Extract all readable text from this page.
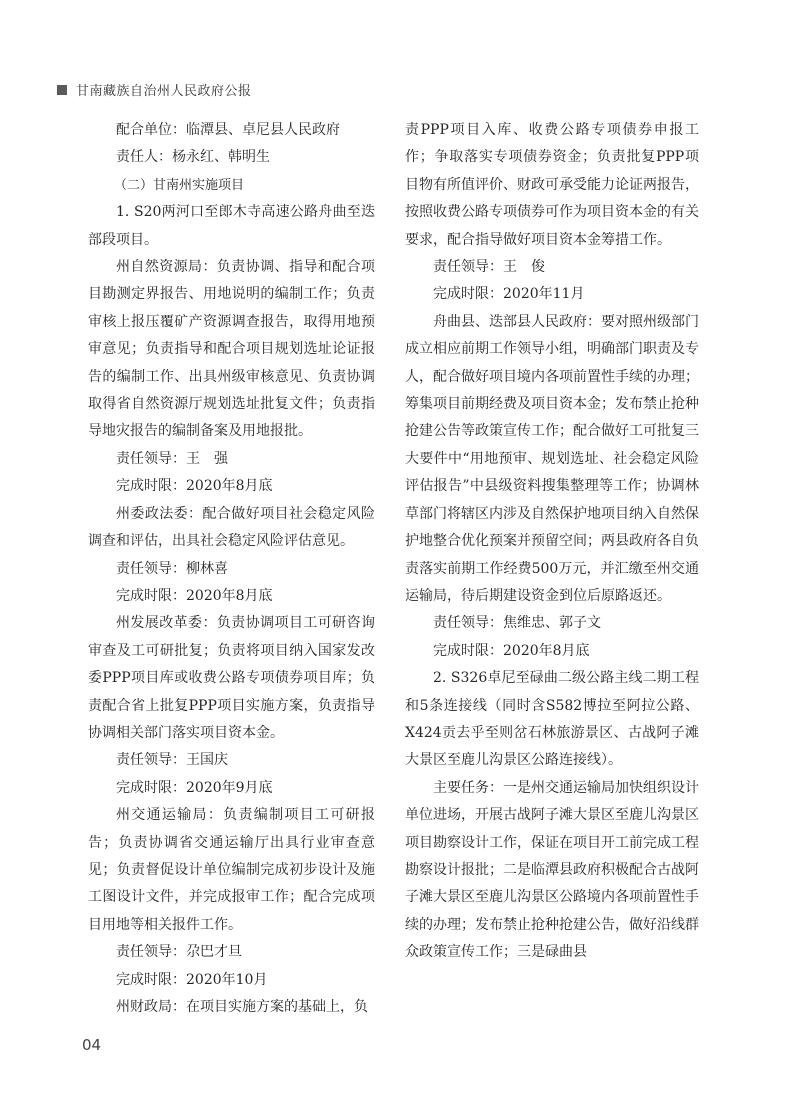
甘南藏族自治州人民政府公报

配合单位：临潭县、卓尼县人民政府

责任人：杨永红、韩明生

（二）甘南州实施项目

1. S20两河口至郎木寺高速公路舟曲至迭部段项目。

州自然资源局：负责协调、指导和配合项目勘测定界报告、用地说明的编制工作；负责审核上报压覆矿产资源调查报告，取得用地预审意见；负责指导和配合项目规划选址论证报告的编制工作、出具州级审核意见、负责协调取得省自然资源厅规划选址批复文件；负责指导地灾报告的编制备案及用地报批。

责任领导：王　强

完成时限：2020年8月底

州委政法委：配合做好项目社会稳定风险调查和评估，出具社会稳定风险评估意见。

责任领导：柳林喜

完成时限：2020年8月底

州发展改革委：负责协调项目工可研咨询审查及工可研批复；负责将项目纳入国家发改委PPP项目库或收费公路专项债券项目库；负责配合省上批复PPP项目实施方案，负责指导协调相关部门落实项目资本金。

责任领导：王国庆

完成时限：2020年9月底

州交通运输局：负责编制项目工可研报告；负责协调省交通运输厅出具行业审查意见；负责督促设计单位编制完成初步设计及施工图设计文件，并完成报审工作；配合完成项目用地等相关报件工作。

责任领导：尕巴才旦

完成时限：2020年10月

州财政局：在项目实施方案的基础上，负

责PPP项目入库、收费公路专项债券申报工作；争取落实专项债券资金；负责批复PPP项目物有所值评价、财政可承受能力论证两报告，按照收费公路专项债券可作为项目资本金的有关要求，配合指导做好项目资本金筹措工作。

责任领导：王　俊

完成时限：2020年11月

舟曲县、迭部县人民政府：要对照州级部门成立相应前期工作领导小组，明确部门职责及专人，配合做好项目境内各项前置性手续的办理；筹集项目前期经费及项目资本金；发布禁止抢种抢建公告等政策宣传工作；配合做好工可批复三大要件中“用地预审、规划选址、社会稳定风险评估报告”中县级资料搜集整理等工作；协调林草部门将辖区内涉及自然保护地项目纳入自然保护地整合优化预案并预留空间；两县政府各自负责落实前期工作经费500万元，并汇缴至州交通运输局，待后期建设资金到位后原路返还。

责任领导：焦维忠、郭子文

完成时限：2020年8月底

2. S326卓尼至碌曲二级公路主线二期工程和5条连接线（同时含S582博拉至阿拉公路、X424贡去乎至则岔石林旅游景区、古战阿子滩大景区至鹿儿沟景区公路连接线）。

主要任务：一是州交通运输局加快组织设计单位进场，开展古战阿子滩大景区至鹿儿沟景区项目勘察设计工作，保证在项目开工前完成工程勘察设计报批；二是临潭县政府积极配合古战阿子滩大景区至鹿儿沟景区公路境内各项前置性手续的办理；发布禁止抢种抢建公告，做好沿线群众政策宣传工作；三是碌曲县

04
